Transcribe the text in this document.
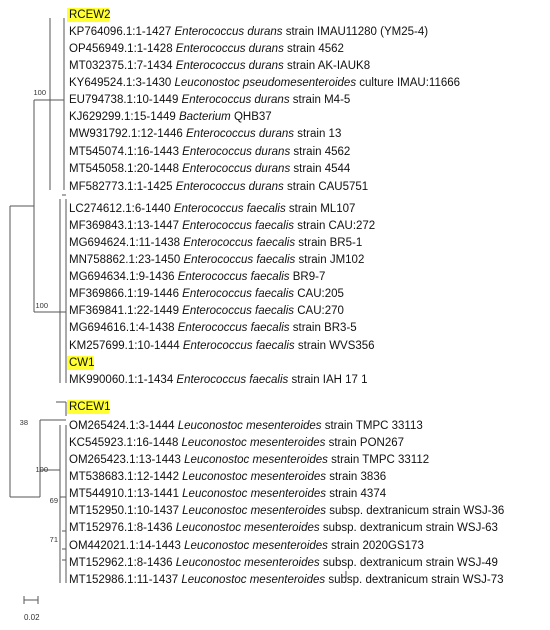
RCEW2
KP764096.1:1-1427 Enterococcus durans strain IMAU11280 (YM25-4)
OP456949.1:1-1428 Enterococcus durans strain 4562
MT032375.1:7-1434 Enterococcus durans strain AK-IAUK8
KY649524.1:3-1430 Leuconostoc pseudomesenteroides culture IMAU:11666
EU794738.1:10-1449 Enterococcus durans strain M4-5
KJ629299.1:15-1449 Bacterium QHB37
MW931792.1:12-1446 Enterococcus durans strain 13
MT545074.1:16-1443 Enterococcus durans strain 4562
MT545058.1:20-1448 Enterococcus durans strain 4544
MF582773.1:1-1425 Enterococcus durans strain CAU5751
LC274612.1:6-1440 Enterococcus faecalis strain ML107
MF369843.1:13-1447 Enterococcus faecalis strain CAU:272
MG694624.1:11-1438 Enterococcus faecalis strain BR5-1
MN758862.1:23-1450 Enterococcus faecalis strain JM102
MG694634.1:9-1436 Enterococcus faecalis BR9-7
MF369866.1:19-1446 Enterococcus faecalis CAU:205
MF369841.1:22-1449 Enterococcus faecalis CAU:270
MG694616.1:4-1438 Enterococcus faecalis strain BR3-5
KM257699.1:10-1444 Enterococcus faecalis strain WVS356
CW1
MK990060.1:1-1434 Enterococcus faecalis strain IAH 17 1
RCEW1
OM265424.1:3-1444 Leuconostoc mesenteroides strain TMPC 33113
KC545923.1:16-1448 Leuconostoc mesenteroides strain PON267
OM265423.1:13-1443 Leuconostoc mesenteroides strain TMPC 33112
MT538683.1:12-1442 Leuconostoc mesenteroides strain 3836
MT544910.1:13-1441 Leuconostoc mesenteroides strain 4374
MT152950.1:10-1437 Leuconostoc mesenteroides subsp. dextranicum strain WSJ-36
MT152976.1:8-1436 Leuconostoc mesenteroides subsp. dextranicum strain WSJ-63
OM442021.1:14-1443 Leuconostoc mesenteroides strain 2020GS173
MT152962.1:8-1436 Leuconostoc mesenteroides subsp. dextranicum strain WSJ-49
MT152986.1:11-1437 Leuconostoc mesenteroides subsp. dextranicum strain WSJ-73
100
100
100
38
69
71
0.02
